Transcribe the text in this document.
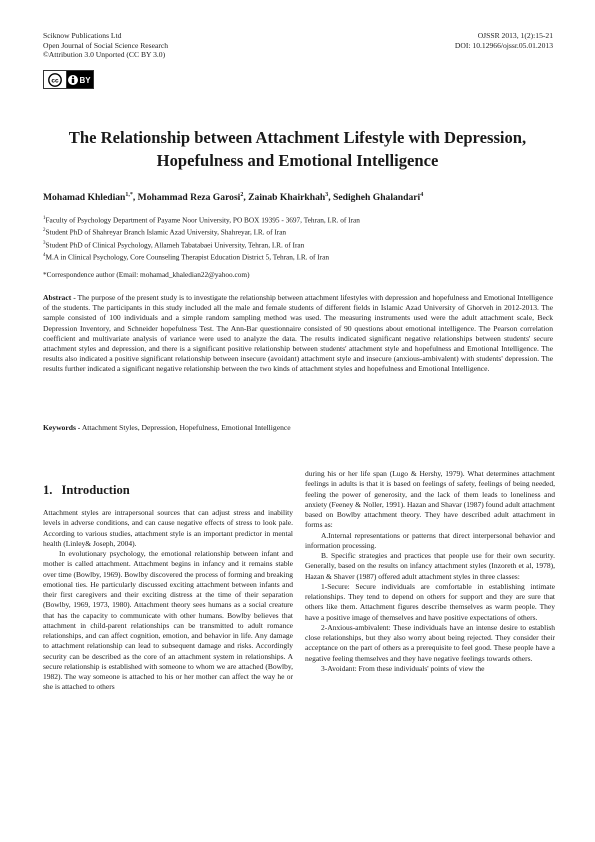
Sciknow Publications Ltd
Open Journal of Social Science Research
©Attribution 3.0 Unported (CC BY 3.0)
OJSSR 2013, 1(2):15-21
DOI: 10.12966/ojssr.05.01.2013
cc	BY
The Relationship between Attachment Lifestyle with Depression,
Hopefulness and Emotional Intelligence
Mohamad Khledian$^{1,*}$, Mohammad Reza Garosi$^2$, Zainab Khairkhah$^3$, Sedigheh Ghalandari$^4$
$^1$Faculty of Psychology Department of Payame Noor University, PO BOX 19395 - 3697, Tehran, I.R. of Iran
$^2$Student PhD of Shahreyar Branch Islamic Azad University, Shahreyar, I.R. of Iran
$^3$Student PhD of Clinical Psychology, Allameh Tabatabaei University, Tehran, I.R. of Iran
$^4$M.A in Clinical Psychology, Core Counseling Therapist Education District 5, Tehran, I.R. of Iran
*Correspondence author (Email: mohamad_khaledian22@yahoo.com)
Abstract - The purpose of the present study is to investigate the relationship between attachment lifestyles with depression and hopefulness and Emotional Intelligence of the students. The participants in this study included all the male and female students of different fields in Islamic Azad University of Ghorveh in 2012-2013. The sample consisted of 100 individuals and a simple random sampling method was used. The measuring instruments used were the adult attachment scale, Beck Depression Inventory, and Schneider hopefulness Test. The Ann-Bar questionnaire consisted of 90 questions about emotional intelligence. The Pearson correlation coefficient and multivariate analysis of variance were used to analyze the data. The results indicated significant negative relationships between students' secure attachment styles and depression, and there is a significant positive relationship between students' attachment style and hopefulness and Emotional Intelligence. The results also indicated a positive significant relationship between insecure (avoidant) attachment style and insecure (anxious-ambivalent) with students' depression. The results further indicated a significant negative relationship between the two kinds of attachment styles and hopefulness and Emotional Intelligence.
Keywords - Attachment Styles, Depression, Hopefulness, Emotional Intelligence
1. Introduction

Attachment styles are intrapersonal sources that can adjust stress and inability levels in adverse conditions, and can cause negative effects of stress to look pale. According to various studies, attachment style is an important predictor in mental health (Linley& Joseph, 2004).

In evolutionary psychology, the emotional relationship between infant and mother is called attachment. Attachment begins in infancy and it remains stable over time (Bowlby, 1969). Bowlby discovered the process of forming and breaking emotional ties. He particularly discussed exciting attachment between infants and their first caregivers and their exciting distress at the time of their separation (Bowlby, 1969, 1973, 1980). Attachment theory sees humans as a social creature that has the capacity to communicate with other humans. Bowlby believes that attachment in child-parent relationships can be transmitted to adult romance relationships, and can affect cognition, emotion, and behavior in life. Any damage to attachment relationship can lead to subsequent damage and risks. Accordingly security can be described as the core of an attachment system in relationships. A secure relationship is established with someone to whom we are attached (Bowlby, 1982). The way someone is attached to his or her mother can affect the way he or she is attached to others

during his or her life span (Lugo & Hershy, 1979). What determines attachment feelings in adults is that it is based on feelings of safety, feelings of being needed, feeling the power of generosity, and the lack of them leads to loneliness and anxiety (Feeney & Noller, 1991). Hazan and Shavar (1987) found adult attachment based on Bowlby attachment theory. They have described adult attachment in forms as:

A.Internal representations or patterns that direct interpersonal behavior and information processing.

B. Specific strategies and practices that people use for their own security. Generally, based on the results on infancy attachment styles (Inzoreth et al, 1978), Hazan & Shaver (1987) offered adult attachment styles in three classes:

1-Secure: Secure individuals are comfortable in establishing intimate relationships. They tend to depend on others for support and they are sure that others like them. Attachment figures describe themselves as warm people. They have a positive image of themselves and have positive expectations of others.

2-Anxious-ambivalent: These individuals have an intense desire to establish close relationships, but they also worry about being rejected. They consider their acceptance on the part of others as a prerequisite to feel good. These people have a negative feeling themselves and they have negative feelings towards others.

3-Avoidant: From these individuals' points of view the
